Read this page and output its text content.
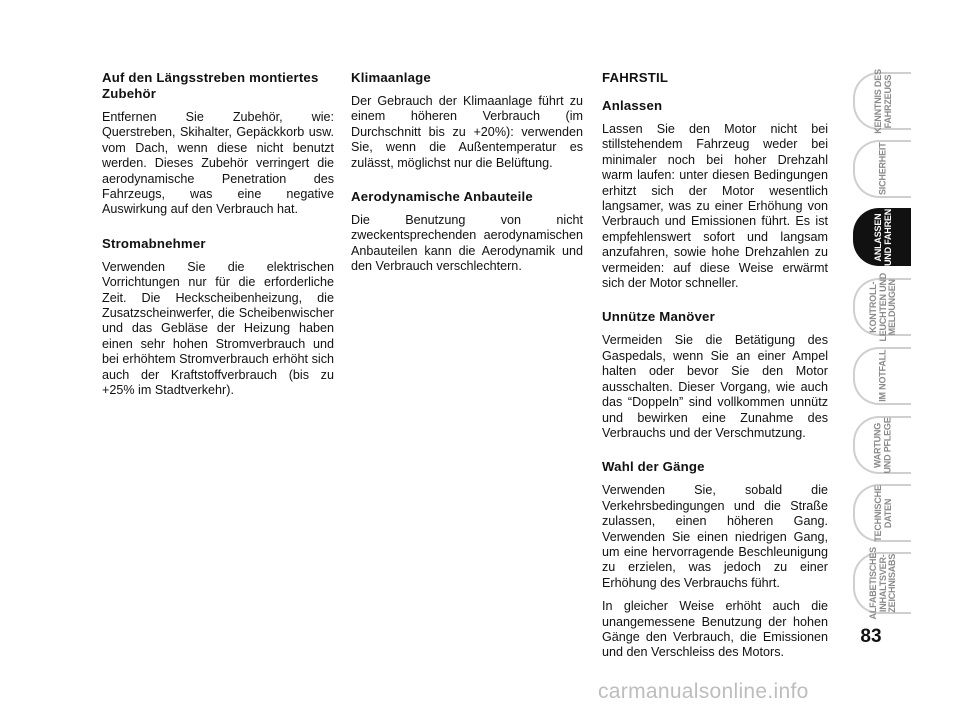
Auf den Längsstreben montiertes Zubehör
Entfernen Sie Zubehör, wie: Querstreben, Skihalter, Gepäckkorb usw. vom Dach, wenn diese nicht benutzt werden. Dieses Zubehör verringert die aerodynamische Penetration des Fahrzeugs, was eine negative Auswirkung auf den Verbrauch hat.
Stromabnehmer
Verwenden Sie die elektrischen Vorrichtungen nur für die erforderliche Zeit. Die Heckscheibenheizung, die Zusatzscheinwerfer, die Scheibenwischer und das Gebläse der Heizung haben einen sehr hohen Stromverbrauch und bei erhöhtem Stromverbrauch erhöht sich auch der Kraftstoffverbrauch (bis zu +25% im Stadtverkehr).
Klimaanlage
Der Gebrauch der Klimaanlage führt zu einem höheren Verbrauch (im Durchschnitt bis zu +20%): verwenden Sie, wenn die Außentemperatur es zulässt, möglichst nur die Belüftung.
Aerodynamische Anbauteile
Die Benutzung von nicht zweckentsprechenden aerodynamischen Anbauteilen kann die Aerodynamik und den Verbrauch verschlechtern.
FAHRSTIL
Anlassen
Lassen Sie den Motor nicht bei stillstehendem Fahrzeug weder bei minimaler noch bei hoher Drehzahl warm laufen: unter diesen Bedingungen erhitzt sich der Motor wesentlich langsamer, was zu einer Erhöhung von Verbrauch und Emissionen führt. Es ist empfehlenswert sofort und langsam anzufahren, sowie hohe Drehzahlen zu vermeiden: auf diese Weise erwärmt sich der Motor schneller.
Unnütze Manöver
Vermeiden Sie die Betätigung des Gaspedals, wenn Sie an einer Ampel halten oder bevor Sie den Motor ausschalten. Dieser Vorgang, wie auch das “Doppeln” sind vollkommen unnütz und bewirken eine Zunahme des Verbrauchs und der Verschmutzung.
Wahl der Gänge
Verwenden Sie, sobald die Verkehrsbedingungen und die Straße zulassen, einen höheren Gang. Verwenden Sie einen niedrigen Gang, um eine hervorragende Beschleunigung zu erzielen, was jedoch zu einer Erhöhung des Verbrauchs führt.
In gleicher Weise erhöht auch die unangemessene Benutzung der hohen Gänge den Verbrauch, die Emissionen und den Verschleiss des Motors.
KENNTNIS DES
FAHRZEUGS
SICHERHEIT
ANLASSEN
UND FAHREN
KONTROLL-
LEUCHTEN UND
MELDUNGEN
IM NOTFALL
WARTUNG
UND PFLEGE
TECHNISCHE
DATEN
ALFABETISCHES
INHALTSVER-
ZEICHNISABS
83
carmanualsonline.info
